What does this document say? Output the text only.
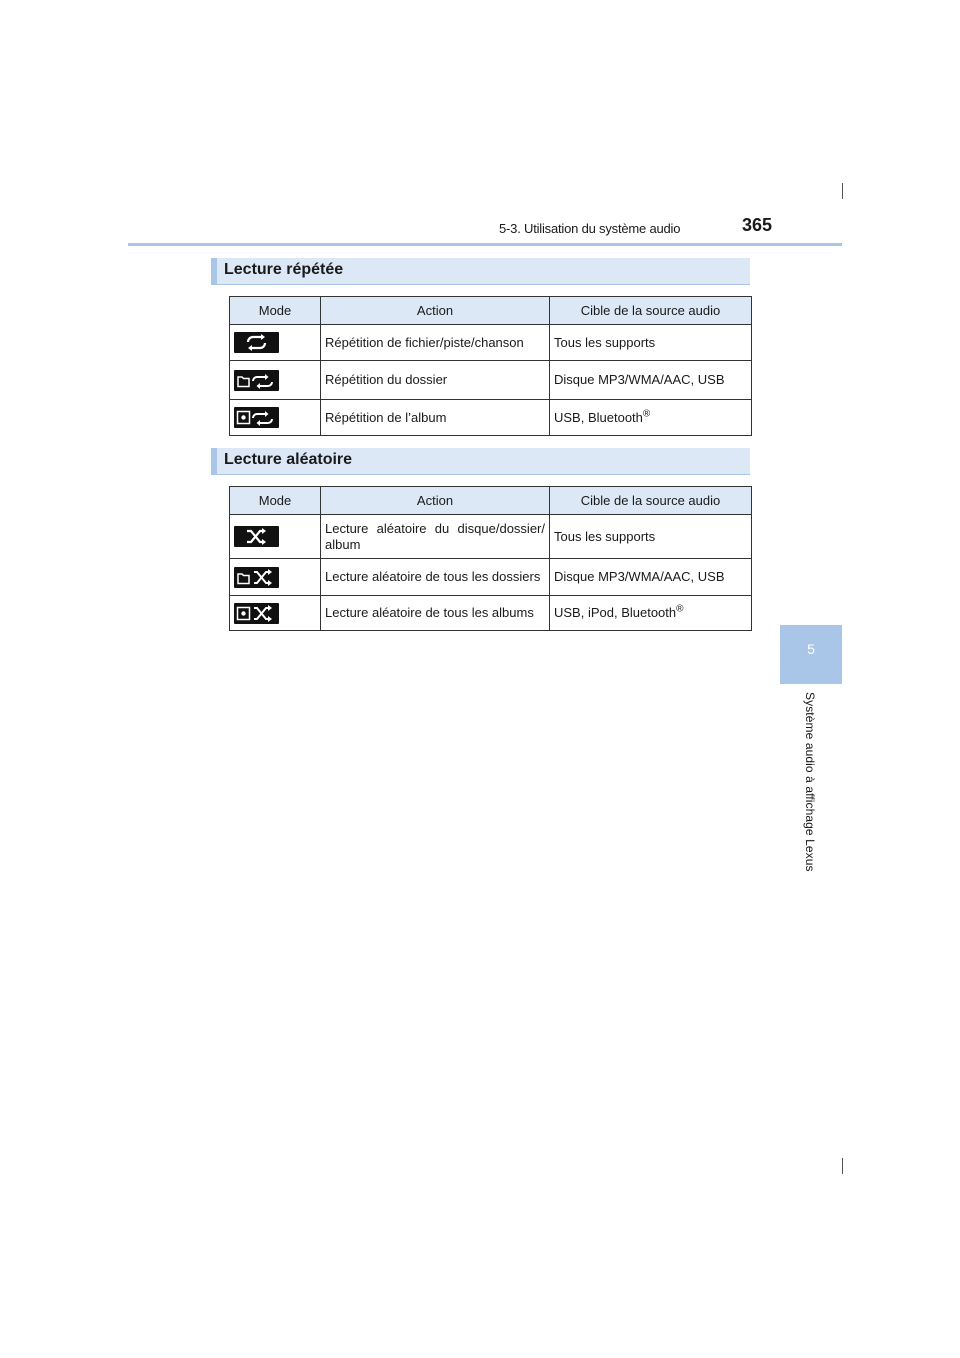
5-3. Utilisation du système audio	365
5
Système audio à affichage Lexus
Lecture répétée
Mode	Action	Cible de la source audio

	Répétition de fichier/piste/chanson	Tous les supports

	Répétition du dossier	Disque MP3/WMA/AAC, USB

	Répétition de l’album	USB, Bluetooth®
Lecture aléatoire
Mode	Action	Cible de la source audio

	Lecture aléatoire du disque/dossier/ album	Tous les supports

	Lecture aléatoire de tous les dossiers	Disque MP3/WMA/AAC, USB

	Lecture aléatoire de tous les albums	USB, iPod, Bluetooth®
